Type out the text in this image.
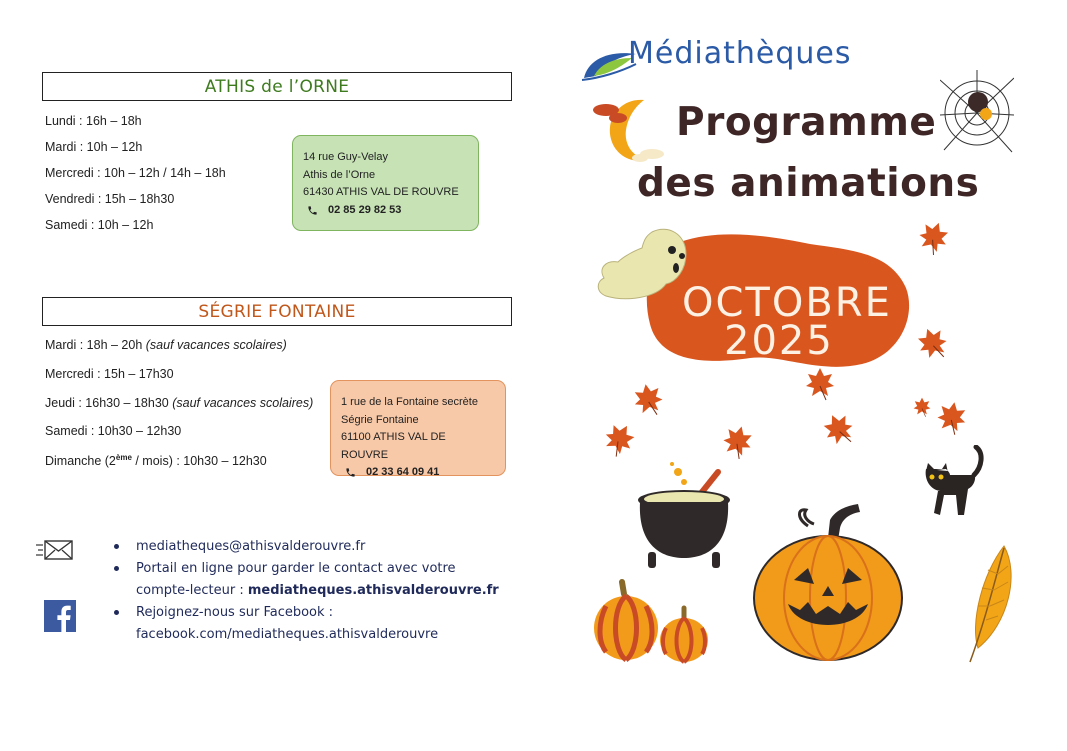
ATHIS de l’ORNE
Lundi : 16h – 18h
Mardi : 10h – 12h
Mercredi : 10h – 12h / 14h – 18h
Vendredi : 15h – 18h30
Samedi : 10h – 12h
14 rue Guy-Velay
Athis de l’Orne
61430 ATHIS VAL DE ROUVRE
02 85 29 82 53
SÉGRIE FONTAINE
Mardi : 18h – 20h (sauf vacances scolaires)
Mercredi : 15h – 17h30
Jeudi : 16h30 – 18h30 (sauf vacances scolaires)
Samedi : 10h30 – 12h30
Dimanche (2ème / mois) : 10h30 – 12h30
1 rue de la Fontaine secrète
Ségrie Fontaine
61100 ATHIS VAL DE ROUVRE
02 33 64 09 41
mediatheques@athisvalderouvre.fr
Portail en ligne pour garder le contact avec votre
compte-lecteur : mediatheques.athisvalderouvre.fr
Rejoignez-nous sur Facebook :
facebook.com/mediatheques.athisvalderouvre
Médiathèques
Programme
des animations
OCTOBRE
2025
